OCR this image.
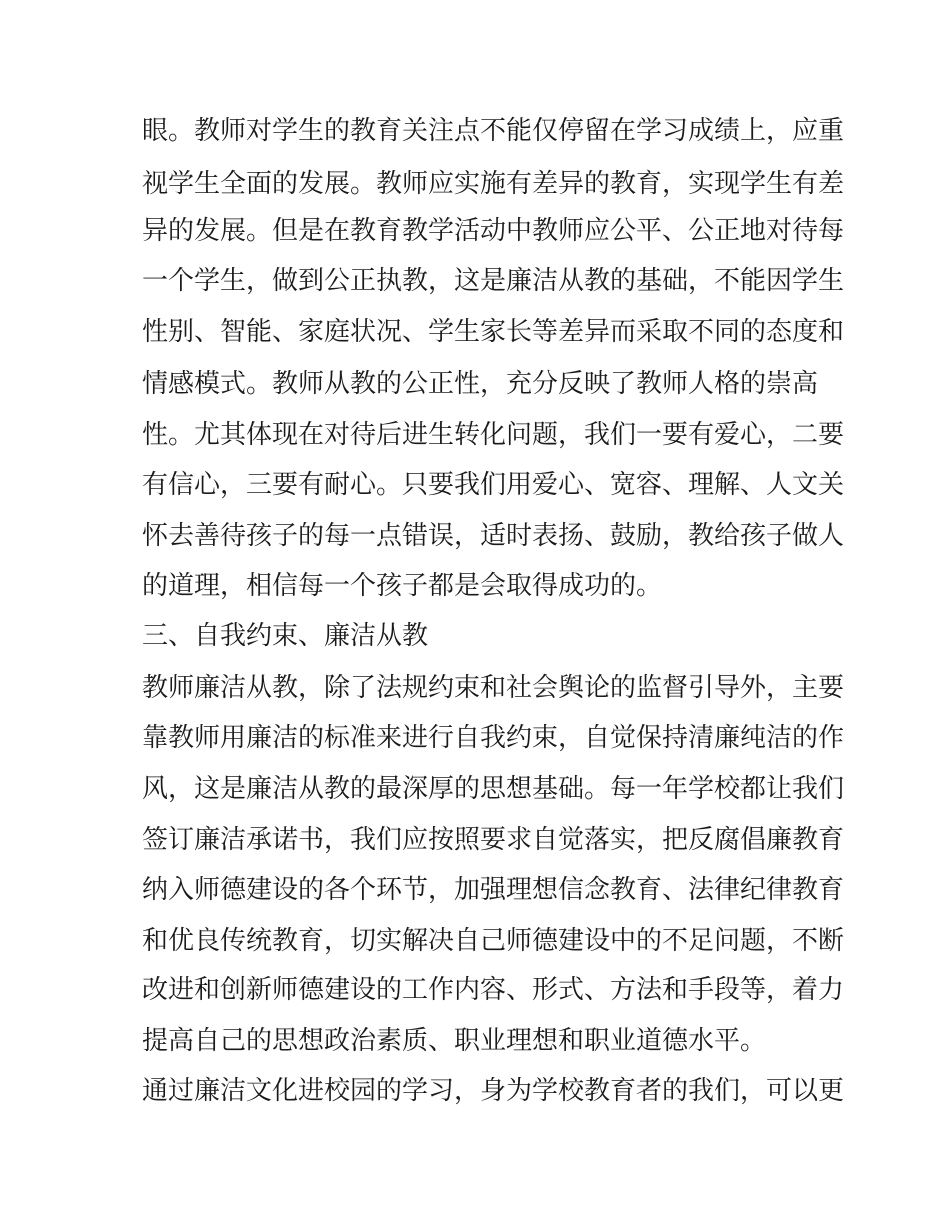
眼。教师对学生的教育关注点不能仅停留在学习成绩上，应重
视学生全面的发展。教师应实施有差异的教育，实现学生有差
异的发展。但是在教育教学活动中教师应公平、公正地对待每
一个学生，做到公正执教，这是廉洁从教的基础，不能因学生
性别、智能、家庭状况、学生家长等差异而采取不同的态度和
情感模式。教师从教的公正性，充分反映了教师人格的崇高
性。尤其体现在对待后进生转化问题，我们一要有爱心，二要
有信心，三要有耐心。只要我们用爱心、宽容、理解、人文关
怀去善待孩子的每一点错误，适时表扬、鼓励，教给孩子做人
的道理，相信每一个孩子都是会取得成功的。
三、自我约束、廉洁从教
教师廉洁从教，除了法规约束和社会舆论的监督引导外，主要
靠教师用廉洁的标准来进行自我约束，自觉保持清廉纯洁的作
风，这是廉洁从教的最深厚的思想基础。每一年学校都让我们
签订廉洁承诺书，我们应按照要求自觉落实，把反腐倡廉教育
纳入师德建设的各个环节，加强理想信念教育、法律纪律教育
和优良传统教育，切实解决自己师德建设中的不足问题，不断
改进和创新师德建设的工作内容、形式、方法和手段等，着力
提高自己的思想政治素质、职业理想和职业道德水平。
通过廉洁文化进校园的学习，身为学校教育者的我们，可以更
